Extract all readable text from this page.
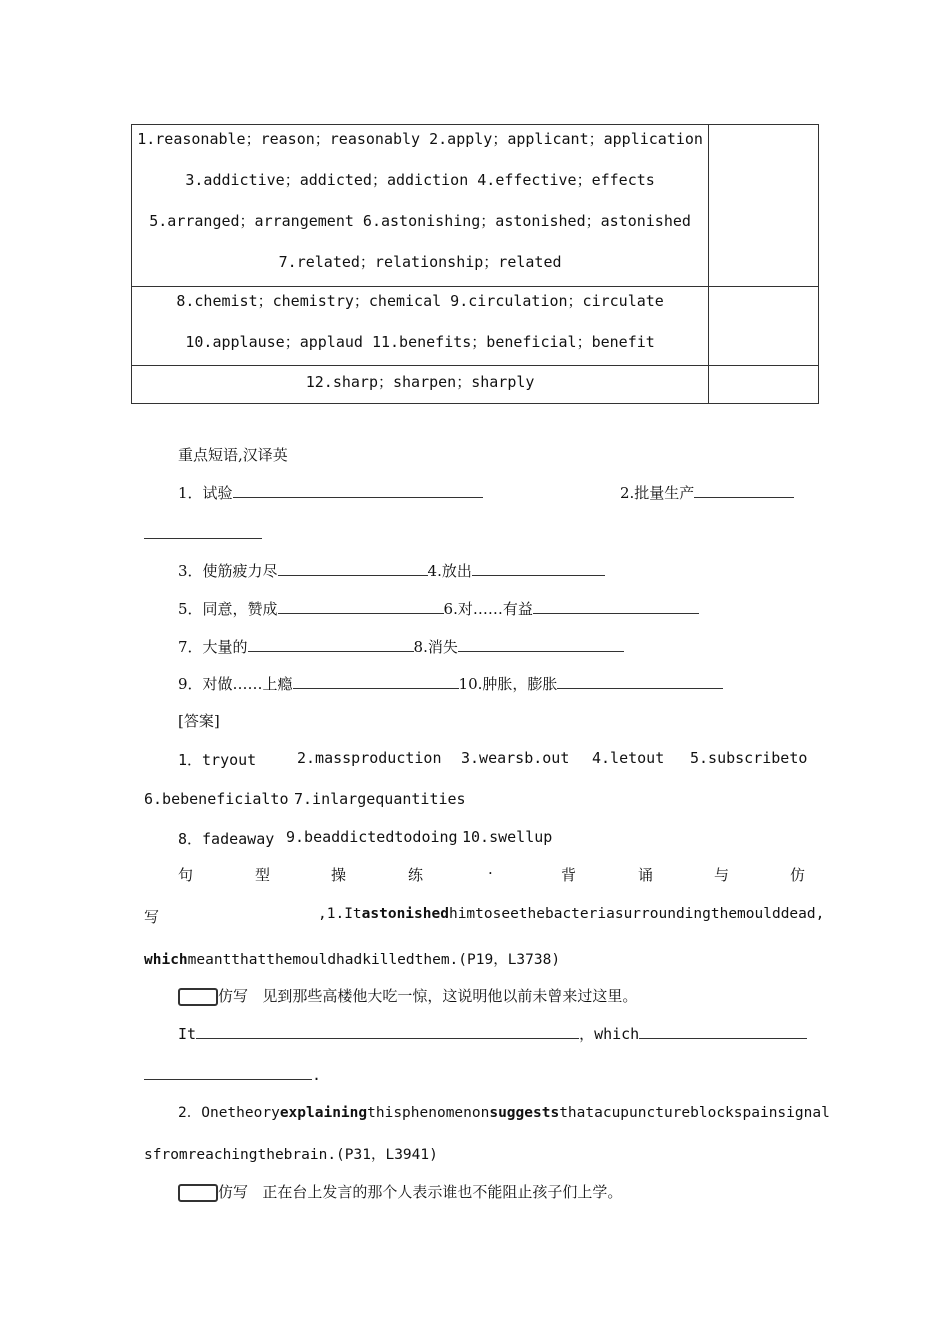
1.reasonable；reason；reasonably 2.apply；applicant；application
3.addictive；addicted；addiction 4.effective；effects
5.arranged；arrangement 6.astonishing；astonished；astonished
7.related；relationship；related	

8.chemist；chemistry；chemical 9.circulation；circulate
10.applause；applaud 11.benefits；beneficial；benefit	

12.sharp；sharpen；sharply	

重点短语,汉译英
1．试验	2.批量生产
3．使筋疲力尽	4.放出
5．同意，赞成	6.对……有益
7．大量的	8.消失
9．对做……上瘾	10.肿胀，膨胀
[答案]
1．tryout	2.massproduction 3.wearsb.out 4.letout 5.subscribeto
6.bebeneficialto 7.inlargequantities
8．fadeaway 9.beaddictedtodoing 10.swellup
句	型	操	练	·	背	诵	与	仿
写	,1.Itastonishedhimtoseethebacteriasurroundingthemoulddead,
whichmeantthatthemouldhadkilledthem.(P19，L3738)
仿写 见到那些高楼他大吃一惊，这说明他以前未曾来过这里。
It	，which
.
2．Onetheoryexplainingthisphenomenonsuggeststhatacupunctureblockspainsignal
sfromreachingthebrain.(P31，L3941)
仿写 正在台上发言的那个人表示谁也不能阻止孩子们上学。
